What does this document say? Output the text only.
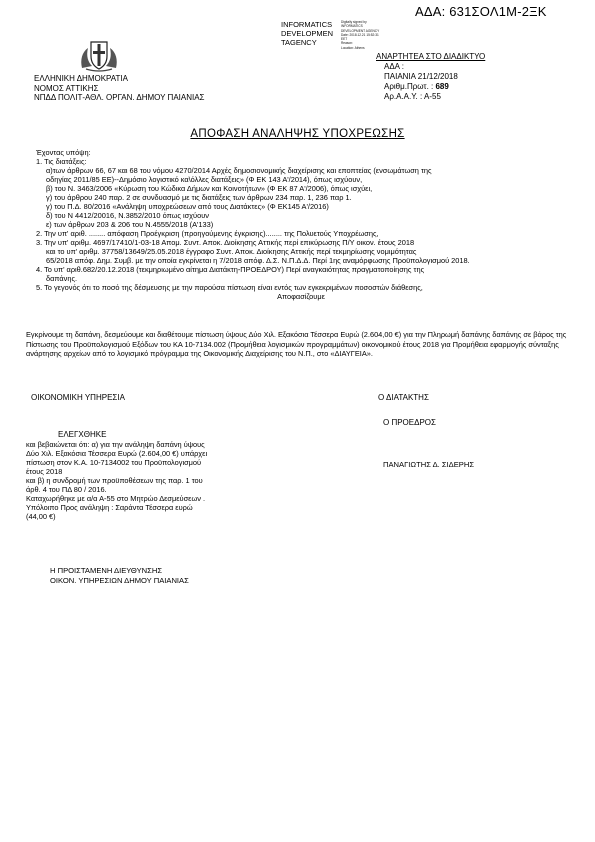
ΑΔΑ: 631ΣΟΛ1Μ-2ΞΚ
INFORMATICS
DEVELOPMEN
TAGENCY
Digitally signed by
INFORMATICS
DEVELOPMENT AGENCY
Date: 2018.12.21 15:52:31
EET
Reason:
Location: Athens
ΑΝΑΡΤΗΤΕΑ ΣΤΟ ΔΙΑΔΙΚΤΥΟ
ΑΔΑ :
ΠΑΙΑΝΙΑ 21/12/2018
Αριθμ.Πρωτ. : 689
Αρ.Α.Α.Υ. : Α-55
ΕΛΛΗΝΙΚΗ ΔΗΜΟΚΡΑΤΙΑ
ΝΟΜΟΣ ΑΤΤΙΚΗΣ
ΝΠΔΔ ΠΟΛΙΤ-ΑΘΛ. ΟΡΓΑΝ. ΔΗΜΟΥ ΠΑΙΑΝΙΑΣ
ΑΠΟΦΑΣΗ ΑΝΑΛΗΨΗΣ ΥΠΟΧΡΕΩΣΗΣ

Έχοντας υπόψη:

1. Τις διατάξεις:

α)των άρθρων 66, 67 και 68 του νόμου 4270/2014 Αρχές δημοσιονομικής διαχείρισης και εποπτείας (ενσωμάτωση της

οδηγίας 2011/85 ΕΕ)--Δημόσιο λογιστικό κα\όλλες διατάξεις» (Φ ΕΚ 143 Α'/2014), όπως ισχύουν,

β) του Ν. 3463/2006 «Κύρωση του Κώδικα Δήμων και Κοινοτήτων» (Φ ΕΚ 87 Α'/2006), όπως ισχύει,

γ) του άρθρου 240 παρ. 2 σε συνδυασμό με τις διατάξεις των άρθρων 234 παρ. 1, 236 παρ 1.

γ) του Π.Δ. 80/2016 «Ανάληψη υποχρεώσεων από τους Διατάκτες» (Φ ΕΚ145 Α'/2016)

δ) του Ν 4412/20016, Ν.3852/2010 όπως ισχύουν

ε) των άρθρων 203 & 206 του Ν.4555/2018 (Α'133)

2. Την υπ' αριθ. ........ απόφαση Προέγκριση (προηγούμενης έγκρισης)........ της Πολυετούς Υποχρέωσης,

3. Την υπ' αριθμ. 4697/17410/1-03-18 Απομ. Συντ. Αποκ. Διοίκησης Αττικής περί επικύρωσης Π/Υ οικον. έτους 2018

και το υπ' αριθμ. 37758/13649/25.05.2018 έγγραφο Συντ. Αποκ. Διοίκησης Αττικής περί τεκμηρίωσης νομιμότητας

65/2018 απόφ. Δημ. Συμβ. με την οποία εγκρίνεται η 7/2018 απόφ. Δ.Σ. Ν.Π.Δ.Δ. Περί 1ης αναμόρφωσης Προϋπολογισμού 2018.

4. Το υπ' αριθ.682/20.12.2018 (τεκμηριωμένο αίτημα Διατάκτη-ΠΡΟΕΔΡΟΥ) Περί αναγκαιότητας πραγματοποίησης της

δαπάνης.

5. Το γεγονός ότι το ποσό της δέσμευσης με την παρούσα πίστωση είναι εντός των εγκεκριμένων ποσοστών διάθεσης,

Αποφασίζουμε

Εγκρίνουμε τη δαπάνη, δεσμεύουμε και διαθέτουμε πίστωση ύψους Δύο Χιλ. Εξακόσια Τέσσερα Ευρώ (2.604,00 €) για την Πληρωμή δαπάνης δαπάνης σε βάρος της Πίστωσης του Προϋπολογισμού Εξόδων του ΚΑ 10-7134.002 (Προμήθεια λογισμικών προγραμμάτων) οικονομικού έτους 2018 για Προμήθεια εφαρμογής σύνταξης ανάρτησης αρχείων από το λογισμικό πρόγραμμα της Οικονομικής Διαχείρισης του Ν.Π., στο «ΔΙΑΥΓΕΙΑ».
ΟΙΚΟΝΟΜΙΚΗ ΥΠΗΡΕΣΙΑ
ΕΛΕΓΧΘΗΚΕ
και βεβαιώνεται ότι: α) για την ανάληψη δαπάνη ύψους
Δύο Χιλ. Εξακόσια Τέσσερα Ευρώ (2.604,00 €) υπάρχει
πίστωση στον Κ.Α. 10-7134002 του Προϋπολογισμού
έτους 2018
και β) η συνδρομή των προϋποθέσεων της παρ. 1 του
άρθ. 4 του ΠΔ 80 / 2016.
Καταχωρήθηκε με α/α Α-55 στο Μητρώο Δεσμεύσεων .
Υπόλοιπο Προς ανάληψη : Σαράντα Τέσσερα ευρώ
(44,00 €)
Ο ΔΙΑΤΑΚΤΗΣ
Ο ΠΡΟΕΔΡΟΣ
ΠΑΝΑΓΙΩΤΗΣ Δ. ΣΙΔΕΡΗΣ
Η ΠΡΟΙΣΤΑΜΕΝΗ ΔΙΕΥΘΥΝΣΗΣ
ΟΙΚΟΝ. ΥΠΗΡΕΣΙΩΝ ΔΗΜΟΥ ΠΑΙΑΝΙΑΣ
